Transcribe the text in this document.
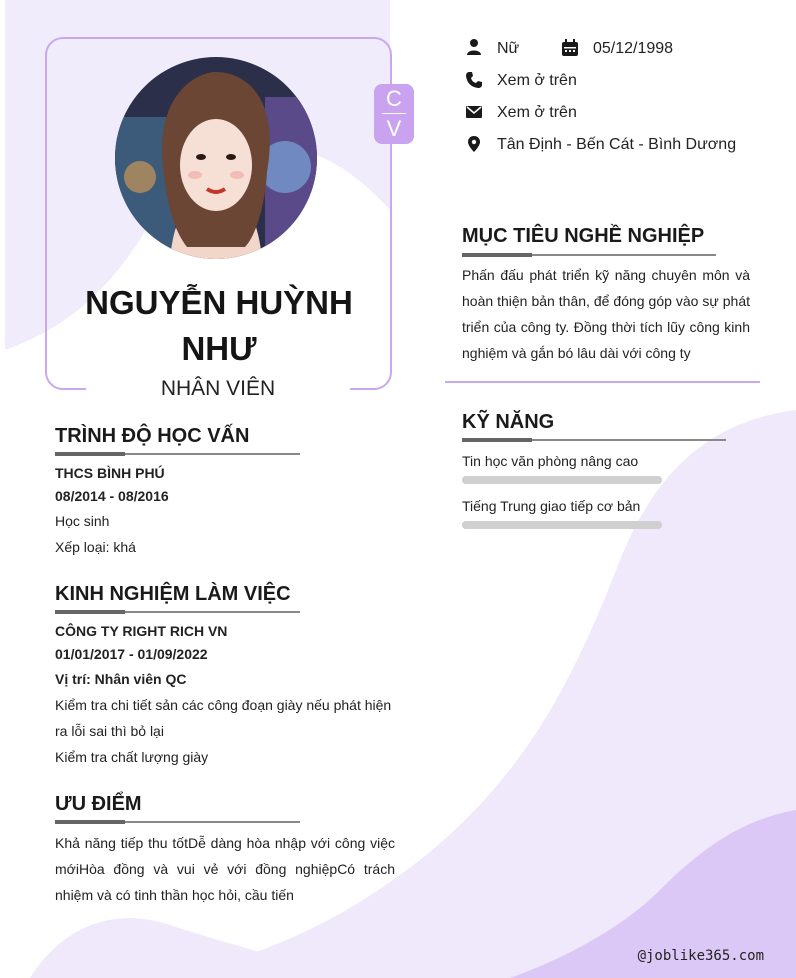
C
V
NGUYỄN HUỲNH NHƯ
NHÂN VIÊN
Nữ	05/12/1998
Xem ở trên
Xem ở trên
Tân Định - Bến Cát - Bình Dương
MỤC TIÊU NGHỀ NGHIỆP
Phấn đấu phát triển kỹ năng chuyên môn và hoàn thiện bản thân, để đóng góp vào sự phát triển của công ty. Đồng thời tích lũy công kinh nghiệm và gắn bó lâu dài với công ty
KỸ NĂNG
Tin học văn phòng nâng cao
Tiếng Trung giao tiếp cơ bản
TRÌNH ĐỘ HỌC VẤN
THCS BÌNH PHÚ
08/2014 - 08/2016
Học sinh
Xếp loại: khá
KINH NGHIỆM LÀM VIỆC
CÔNG TY RIGHT RICH VN
01/01/2017 - 01/09/2022
Vị trí: Nhân viên QC
Kiểm tra chi tiết sản các công đoạn giày nếu phát hiện ra lỗi sai thì bỏ lại
Kiểm tra chất lượng giày
ƯU ĐIỂM
Khả năng tiếp thu tốtDễ dàng hòa nhập với công việc mớiHòa đồng và vui vẻ với đồng nghiệpCó trách nhiệm và có tinh thần học hỏi, cầu tiến
@joblike365.com
